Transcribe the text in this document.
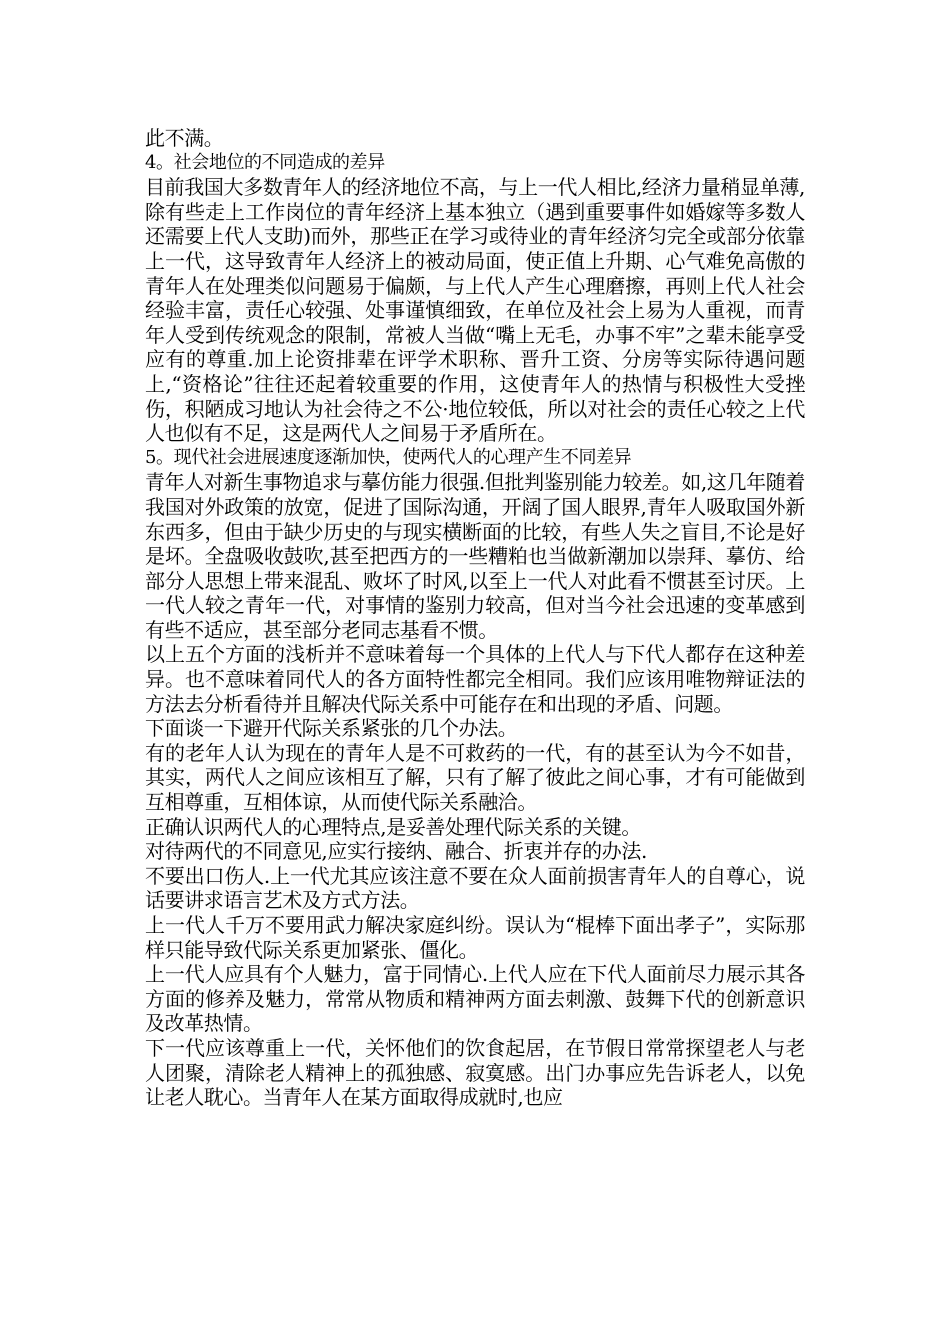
此不满。

4。社会地位的不同造成的差异

目前我国大多数青年人的经济地位不高，与上一代人相比,经济力量稍显单薄,除有些走上工作岗位的青年经济上基本独立（遇到重要事件如婚嫁等多数人还需要上代人支助)而外，那些正在学习或待业的青年经济匀完全或部分依靠上一代，这导致青年人经济上的被动局面，使正值上升期、心气难免高傲的青年人在处理类似问题易于偏颇，与上代人产生心理磨擦，再则上代人社会经验丰富，责任心较强、处事谨慎细致，在单位及社会上易为人重视，而青年人受到传统观念的限制，常被人当做“嘴上无毛，办事不牢”之辈未能享受应有的尊重.加上论资排辈在评学术职称、晋升工资、分房等实际待遇问题上,“资格论”往往还起着较重要的作用，这使青年人的热情与积极性大受挫伤，积陋成习地认为社会待之不公·地位较低，所以对社会的责任心较之上代人也似有不足，这是两代人之间易于矛盾所在。

5。现代社会进展速度逐渐加快，使两代人的心理产生不同差异

青年人对新生事物追求与摹仿能力很强.但批判鉴别能力较差。如,这几年随着我国对外政策的放宽，促进了国际沟通，开阔了国人眼界,青年人吸取国外新东西多，但由于缺少历史的与现实横断面的比较，有些人失之盲目,不论是好是坏。全盘吸收鼓吹,甚至把西方的一些糟粕也当做新潮加以崇拜、摹仿、给部分人思想上带来混乱、败坏了时风,以至上一代人对此看不惯甚至讨厌。上一代人较之青年一代，对事情的鉴别力较高，但对当今社会迅速的变革感到有些不适应，甚至部分老同志基看不惯。

以上五个方面的浅析并不意味着每一个具体的上代人与下代人都存在这种差异。也不意味着同代人的各方面特性都完全相同。我们应该用唯物辩证法的方法去分析看待并且解决代际关系中可能存在和出现的矛盾、问题。

下面谈一下避开代际关系紧张的几个办法。

有的老年人认为现在的青年人是不可救药的一代，有的甚至认为今不如昔，其实，两代人之间应该相互了解，只有了解了彼此之间心事，才有可能做到互相尊重，互相体谅，从而使代际关系融洽。

正确认识两代人的心理特点,是妥善处理代际关系的关键。

对待两代的不同意见,应实行接纳、融合、折衷并存的办法.

不要出口伤人.上一代尤其应该注意不要在众人面前损害青年人的自尊心，说话要讲求语言艺术及方式方法。

上一代人千万不要用武力解决家庭纠纷。误认为“棍棒下面出孝子”，实际那样只能导致代际关系更加紧张、僵化。

上一代人应具有个人魅力，富于同情心.上代人应在下代人面前尽力展示其各方面的修养及魅力，常常从物质和精神两方面去刺激、鼓舞下代的创新意识及改革热情。

下一代应该尊重上一代，关怀他们的饮食起居，在节假日常常探望老人与老人团聚，清除老人精神上的孤独感、寂寞感。出门办事应先告诉老人，以免让老人耽心。当青年人在某方面取得成就时,也应
